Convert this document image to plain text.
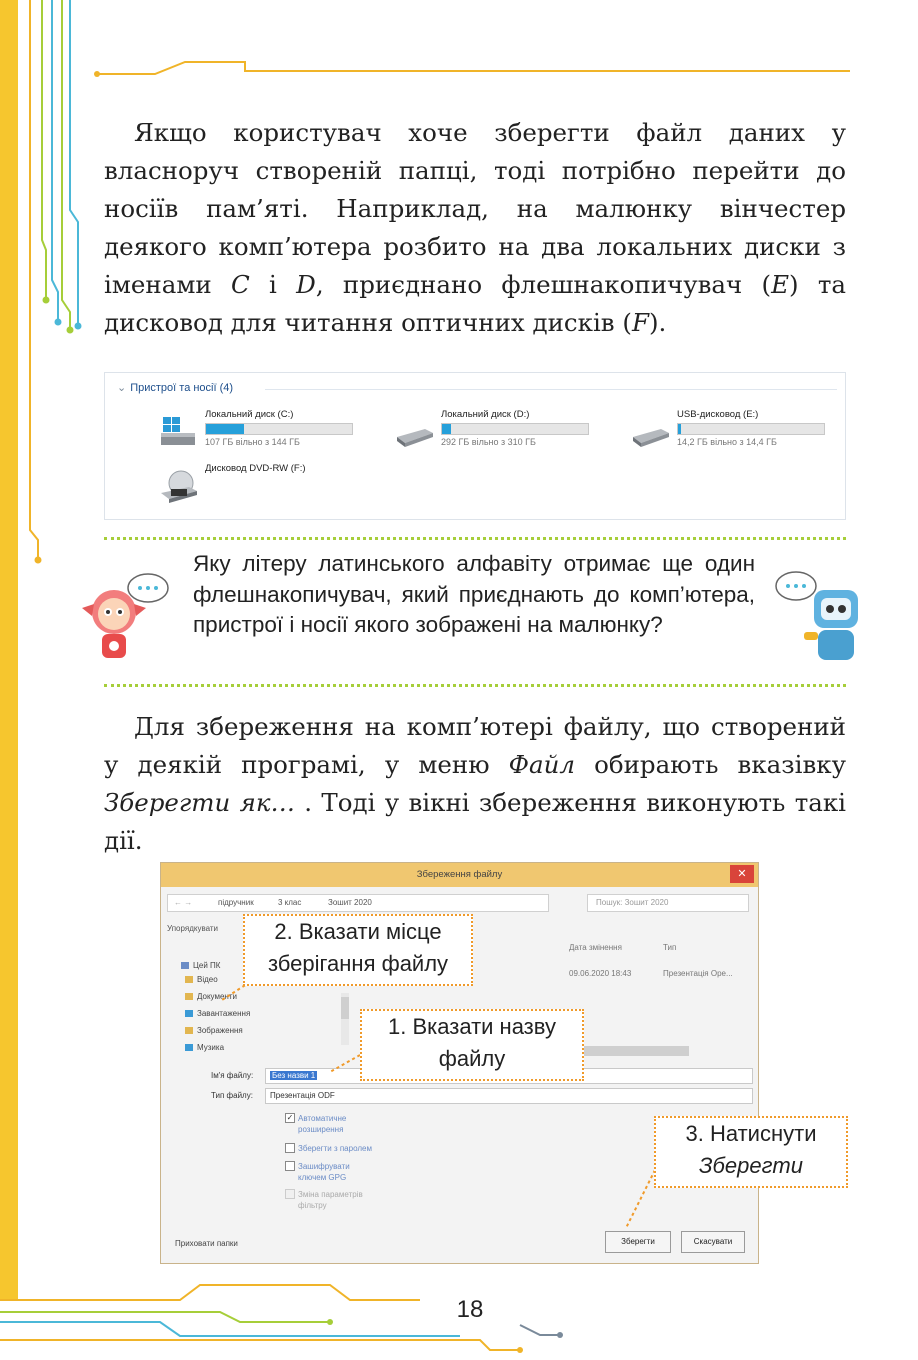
Якщо користувач хоче зберегти файл даних у власноруч створеній папці, тоді потрібно перейти до носіїв пам’яті. Наприклад, на малюнку вінчестер деякого комп’ютера розбито на два локальних диски з іменами C і D, приєднано флешнакопичувач (E) та дисковод для читання оптичних дисків (F).

⌄ Пристрої та носії (4)
Локальний диск (C:)
107 ГБ вільно з 144 ГБ
Локальний диск (D:)
292 ГБ вільно з 310 ГБ
USB-дисковод (E:)
14,2 ГБ вільно з 14,4 ГБ
Дисковод DVD-RW (F:)
Яку літеру латинського алфавіту отримає ще один флешнакопичувач, який приєднають до комп’ютера, пристрої і носії якого зображені на малюнку?

Для збереження на комп’ютері файлу, що створений у деякій програмі, у меню Файл обирають вказівку Зберегти як… . Тоді у вікні збереження виконують такі дії.

Збереження файлу	✕
← →	підручник	3 клас	Зошит 2020	Пошук: Зошит 2020
Упорядкувати
Дата змінення	Тип
09.06.2020 18:43	Презентація Ope...
Цей ПК
Відео
Документи
Завантаження
Зображення
Музика
Ім'я файлу: Без назви 1
Тип файлу: Презентація ODF
✓ Автоматичне розширення
Зберегти з паролем
Зашифрувати ключем GPG
Зміна параметрів фільтру
Приховати папки	Зберегти	Скасувати
2. Вказати місце
зберігання файлу
1. Вказати назву
файлу
3. Натиснути
Зберегти
18
